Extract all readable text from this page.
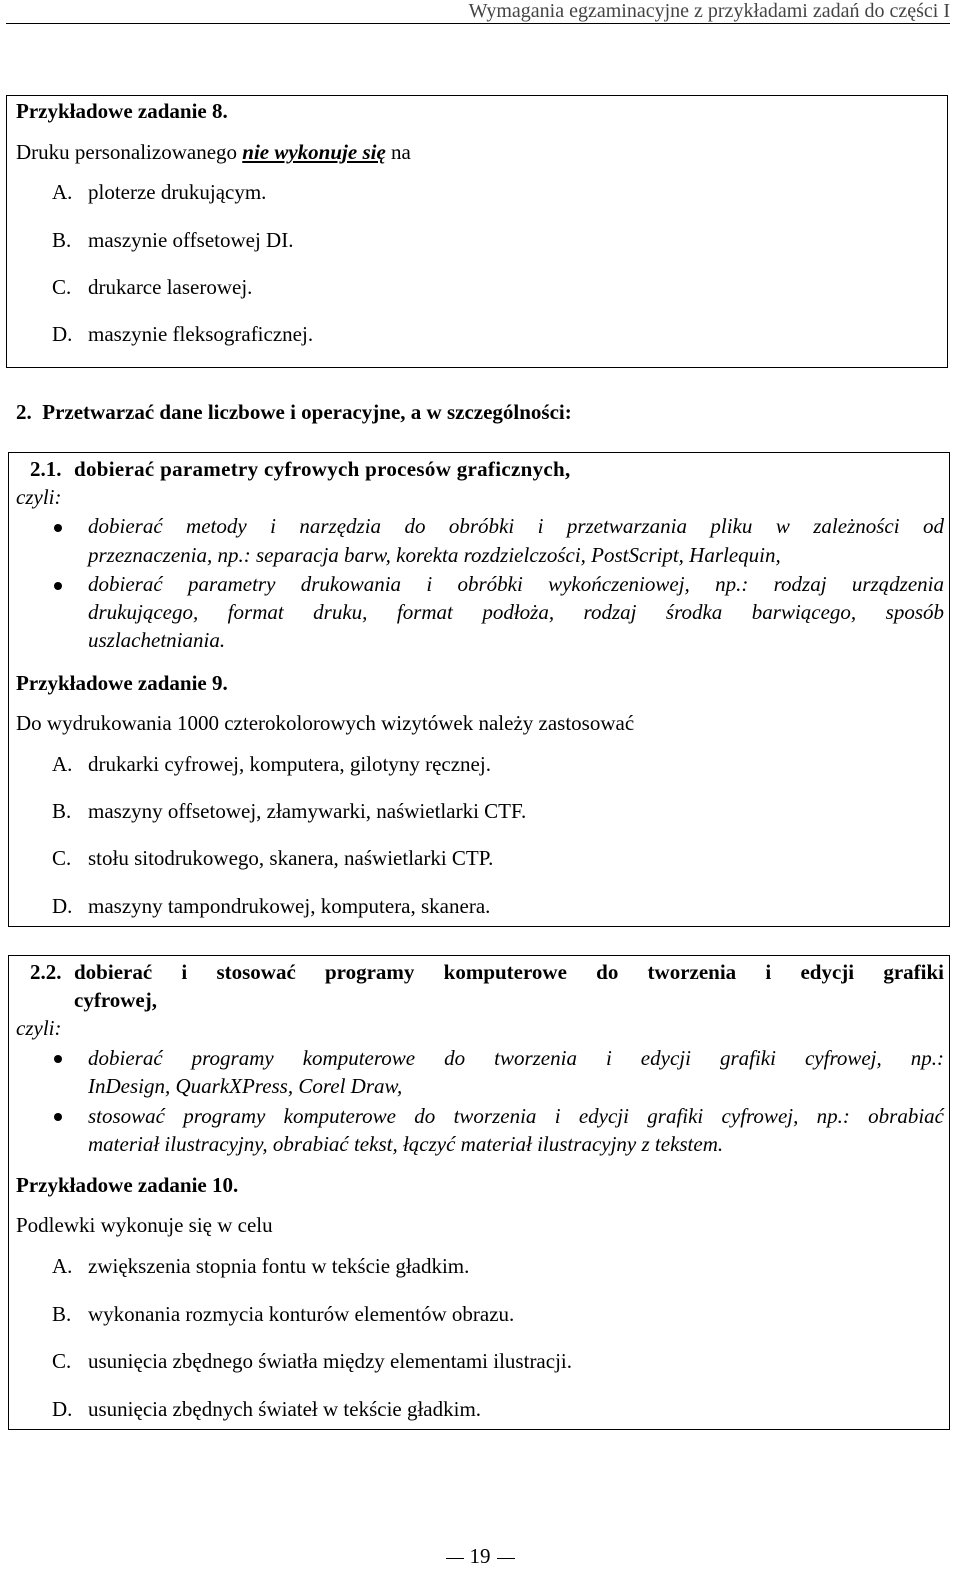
Wymagania egzaminacyjne z przykładami zadań do części I
Przykładowe zadanie 8.
Druku personalizowanego nie wykonuje się na
A. ploterze drukującym.
B. maszynie offsetowej DI.
C. drukarce laserowej.
D. maszynie fleksograficznej.
2.  Przetwarzać dane liczbowe i operacyjne, a w szczególności:
2.1. dobierać parametry cyfrowych procesów graficznych,
czyli:
dobierać metody i narzędzia do obróbki i przetwarzania pliku w zależności od
przeznaczenia, np.: separacja barw, korekta rozdzielczości, PostScript, Harlequin,
dobierać parametry drukowania i obróbki wykończeniowej, np.: rodzaj urządzenia
drukującego, format druku, format podłoża, rodzaj środka barwiącego, sposób
uszlachetniania.
Przykładowe zadanie 9.
Do wydrukowania 1000 czterokolorowych wizytówek należy zastosować
A. drukarki cyfrowej, komputera, gilotyny ręcznej.
B. maszyny offsetowej, złamywarki, naświetlarki CTF.
C. stołu sitodrukowego, skanera, naświetlarki CTP.
D. maszyny tampondrukowej, komputera, skanera.
2.2. dobierać i stosować programy komputerowe do tworzenia i edycji grafiki
cyfrowej,
czyli:
dobierać programy komputerowe do tworzenia i edycji grafiki cyfrowej, np.:
InDesign, QuarkXPress, Corel Draw,
stosować programy komputerowe do tworzenia i edycji grafiki cyfrowej, np.: obrabiać
materiał ilustracyjny, obrabiać tekst, łączyć materiał ilustracyjny z tekstem.
Przykładowe zadanie 10.
Podlewki wykonuje się w celu
A. zwiększenia stopnia fontu w tekście gładkim.
B. wykonania rozmycia konturów elementów obrazu.
C. usunięcia zbędnego światła między elementami ilustracji.
D. usunięcia zbędnych świateł w tekście gładkim.
19
